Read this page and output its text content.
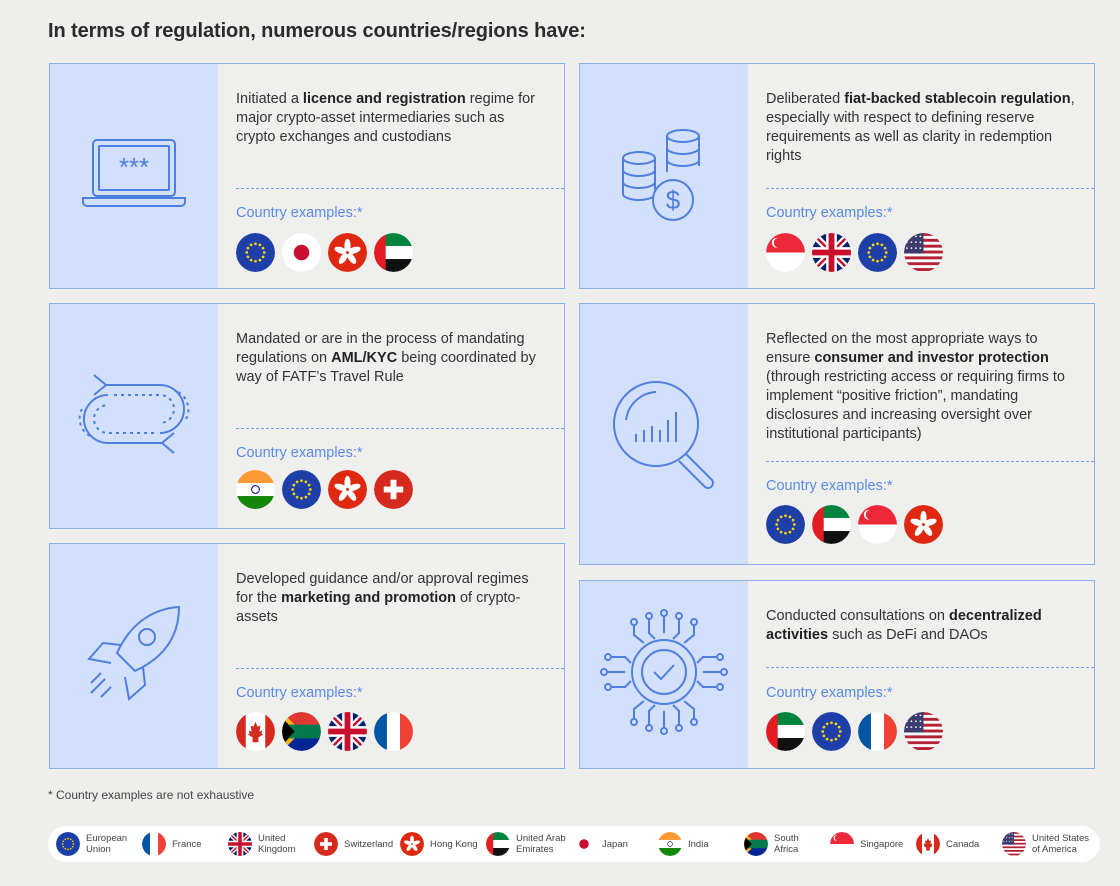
In terms of regulation, numerous countries/regions have:
***
Initiated a licence and registration regime for major crypto-asset intermediaries such as crypto exchanges and custodians
Country examples:*	$
Deliberated fiat-backed stablecoin regulation, especially with respect to defining reserve requirements as well as clarity in redemption rights
Country examples:*
Mandated or are in the process of mandating regulations on AML/KYC being coordinated by way of FATF’s Travel Rule
Country examples:*
Reflected on the most appropriate ways to ensure consumer and investor protection (through restricting access or requiring firms to implement “positive friction”, mandating disclosures and increasing oversight over institutional participants)
Country examples:*
Developed guidance and/or approval regimes for the marketing and promotion of crypto-assets
Country examples:*
Conducted consultations on decentralized activities such as DeFi and DAOs
Country examples:*
* Country examples are not exhaustive
European
Union	France	United
Kingdom	Switzerland	Hong Kong	United Arab
Emirates	Japan	India	South
Africa	Singapore	Canada	United States
of America
